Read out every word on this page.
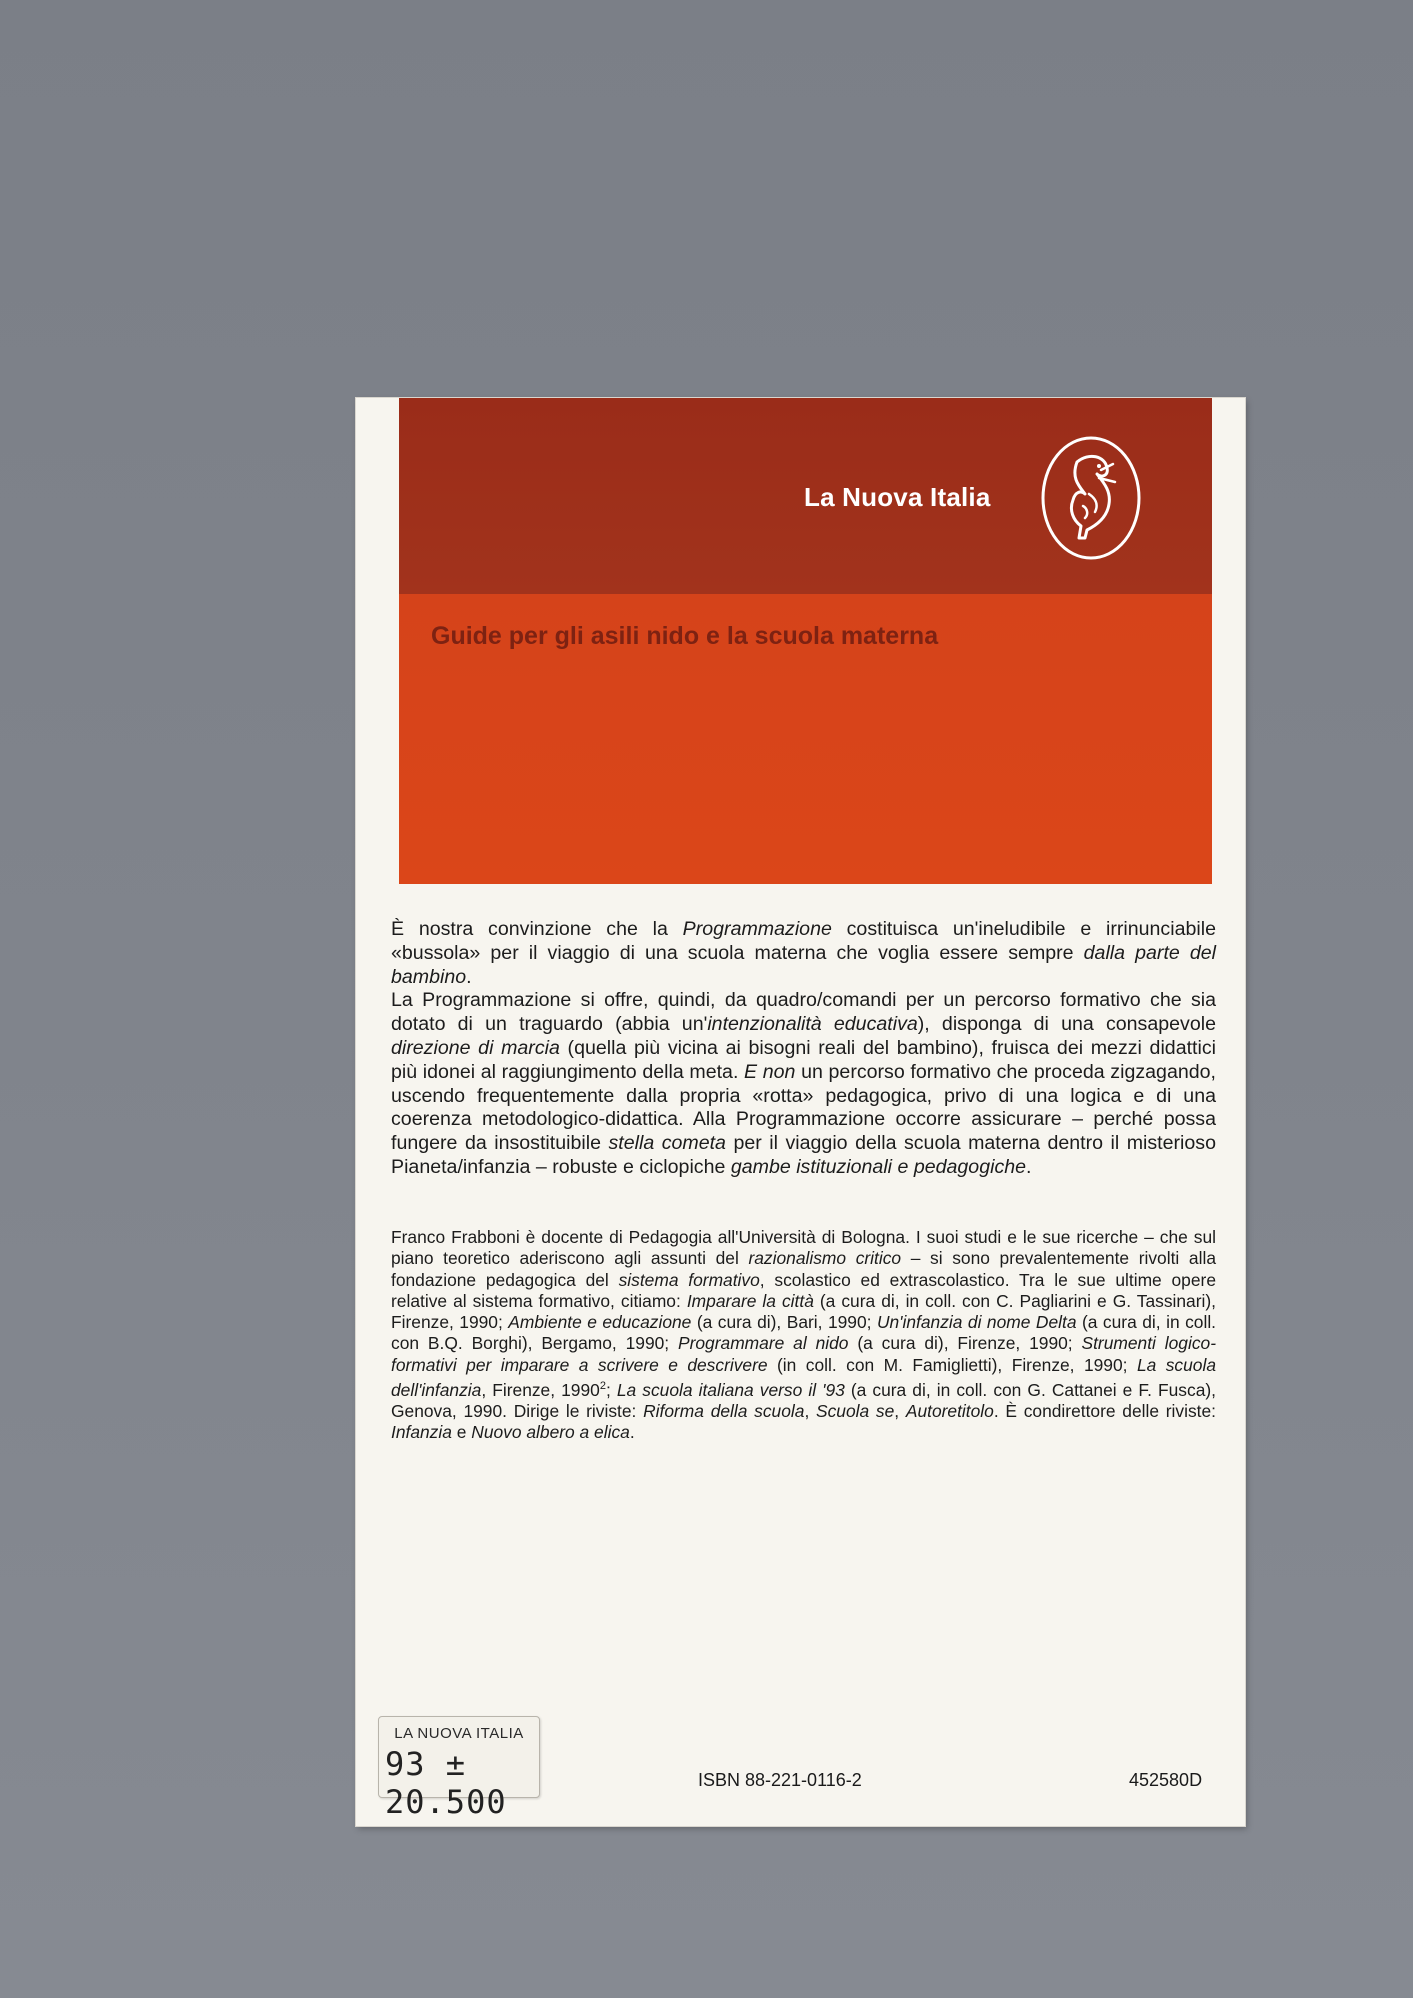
La Nuova Italia
Guide per gli asili nido e la scuola materna

È nostra convinzione che la Programmazione costituisca un'ineludibile e irrinunciabile «bussola» per il viaggio di una scuola materna che voglia essere sempre dalla parte del bambino.

La Programmazione si offre, quindi, da quadro/comandi per un percorso formativo che sia dotato di un traguardo (abbia un'intenzionalità educativa), disponga di una consapevole direzione di marcia (quella più vicina ai bisogni reali del bambino), fruisca dei mezzi didattici più idonei al raggiungimento della meta. E non un percorso formativo che proceda zigzagando, uscendo frequentemente dalla propria «rotta» pedagogica, privo di una logica e di una coerenza metodologico-didattica. Alla Programmazione occorre assicurare – perché possa fungere da insostituibile stella cometa per il viaggio della scuola materna dentro il misterioso Pianeta/infanzia – robuste e ciclopiche gambe istituzionali e pedagogiche.

Franco Frabboni è docente di Pedagogia all'Università di Bologna. I suoi studi e le sue ricerche – che sul piano teoretico aderiscono agli assunti del razionalismo critico – si sono prevalentemente rivolti alla fondazione pedagogica del sistema formativo, scolastico ed extrascolastico. Tra le sue ultime opere relative al sistema formativo, citiamo: Imparare la città (a cura di, in coll. con C. Pagliarini e G. Tassinari), Firenze, 1990; Ambiente e educazione (a cura di), Bari, 1990; Un'infanzia di nome Delta (a cura di, in coll. con B.Q. Borghi), Bergamo, 1990; Programmare al nido (a cura di), Firenze, 1990; Strumenti logico-formativi per imparare a scrivere e descrivere (in coll. con M. Famiglietti), Firenze, 1990; La scuola dell'infanzia, Firenze, 1990$^2$; La scuola italiana verso il '93 (a cura di, in coll. con G. Cattanei e F. Fusca), Genova, 1990. Dirige le riviste: Riforma della scuola, Scuola se, Autoretitolo. È condirettore delle riviste: Infanzia e Nuovo albero a elica.

LA NUOVA ITALIA
93 ± 20.500
ISBN 88-221-0116-2	452580D
